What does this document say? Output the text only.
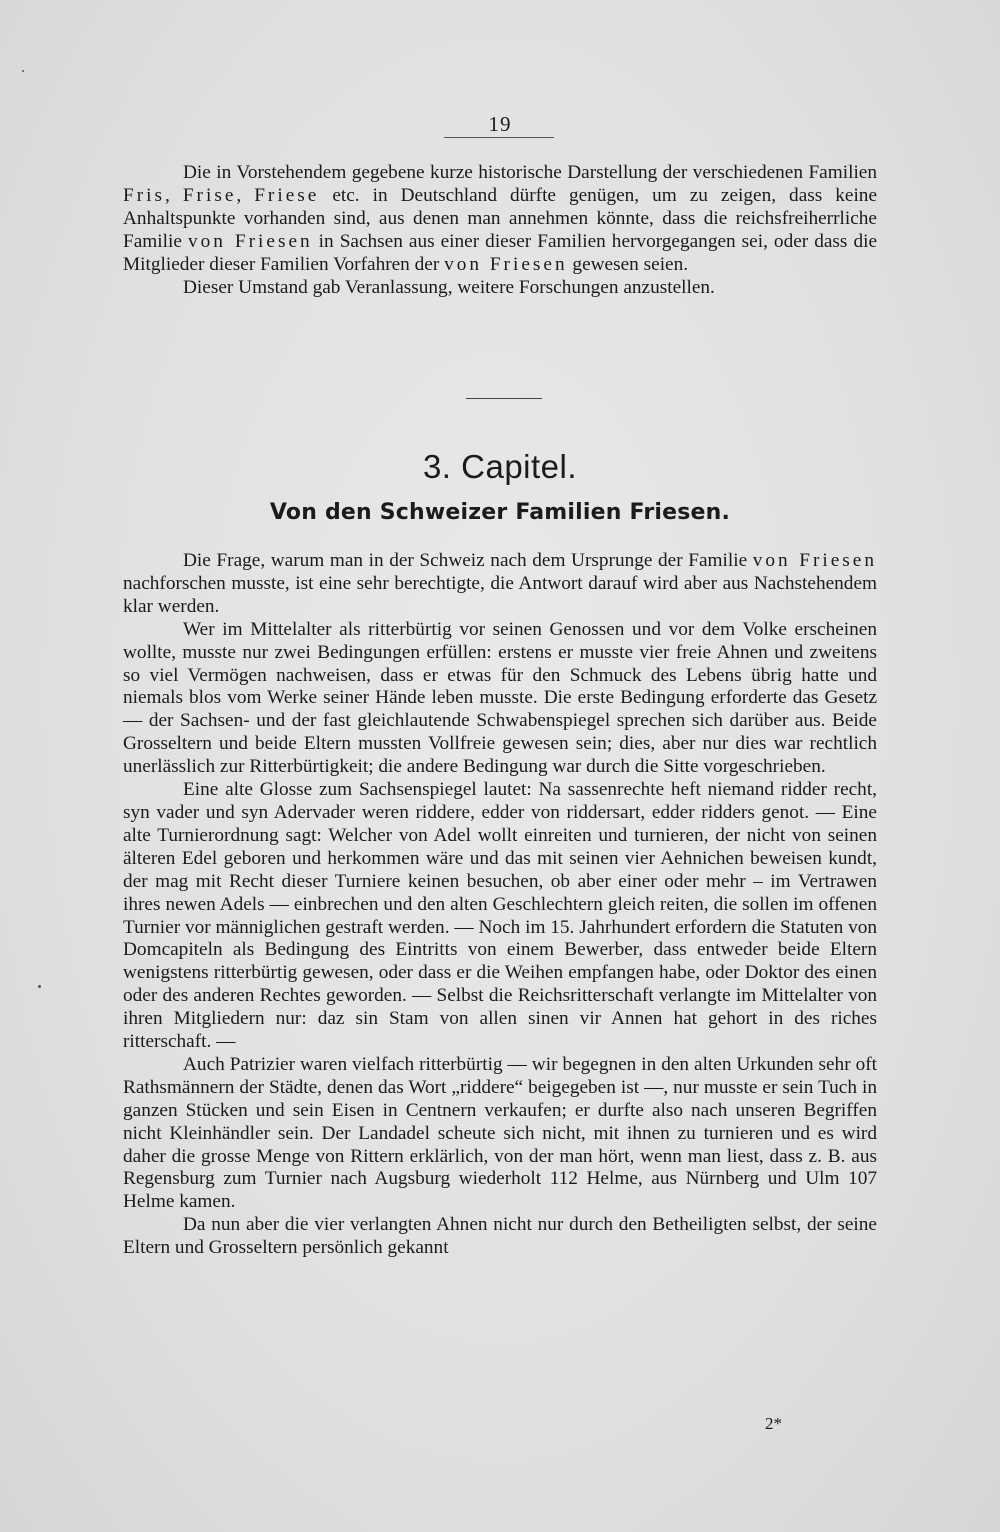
19

Die in Vorstehendem gegebene kurze historische Darstellung der verschiedenen Familien Fris, Frise, Friese etc. in Deutschland dürfte genügen, um zu zeigen, dass keine Anhaltspunkte vorhanden sind, aus denen man annehmen könnte, dass die reichsfreiherrliche Familie von Friesen in Sachsen aus einer dieser Familien hervorgegangen sei, oder dass die Mitglieder dieser Familien Vorfahren der von Friesen gewesen seien.

Dieser Umstand gab Veranlassung, weitere Forschungen anzustellen.

3. Capitel.
Von den Schweizer Familien Friesen.

Die Frage, warum man in der Schweiz nach dem Ursprunge der Familie von Friesen nachforschen musste, ist eine sehr berechtigte, die Antwort darauf wird aber aus Nachstehendem klar werden.

Wer im Mittelalter als ritterbürtig vor seinen Genossen und vor dem Volke erscheinen wollte, musste nur zwei Bedingungen erfüllen: erstens er musste vier freie Ahnen und zweitens so viel Vermögen nachweisen, dass er etwas für den Schmuck des Lebens übrig hatte und niemals blos vom Werke seiner Hände leben musste. Die erste Bedingung erforderte das Gesetz — der Sachsen- und der fast gleichlautende Schwabenspiegel sprechen sich darüber aus. Beide Grosseltern und beide Eltern mussten Vollfreie gewesen sein; dies, aber nur dies war rechtlich unerlässlich zur Ritterbürtigkeit; die andere Bedingung war durch die Sitte vorgeschrieben.

Eine alte Glosse zum Sachsenspiegel lautet: Na sassenrechte heft niemand ridder recht, syn vader und syn Adervader weren riddere, edder von riddersart, edder ridders genot. — Eine alte Turnierordnung sagt: Welcher von Adel wollt einreiten und turnieren, der nicht von seinen älteren Edel geboren und herkommen wäre und das mit seinen vier Aehnichen beweisen kundt, der mag mit Recht dieser Turniere keinen besuchen, ob aber einer oder mehr – im Vertrawen ihres newen Adels — einbrechen und den alten Geschlechtern gleich reiten, die sollen im offenen Turnier vor männiglichen gestraft werden. — Noch im 15. Jahrhundert erfordern die Statuten von Domcapiteln als Bedingung des Eintritts von einem Bewerber, dass entweder beide Eltern wenigstens ritterbürtig gewesen, oder dass er die Weihen empfangen habe, oder Doktor des einen oder des anderen Rechtes geworden. — Selbst die Reichsritterschaft verlangte im Mittelalter von ihren Mitgliedern nur: daz sin Stam von allen sinen vir Annen hat gehort in des riches ritterschaft. —

Auch Patrizier waren vielfach ritterbürtig — wir begegnen in den alten Urkunden sehr oft Rathsmännern der Städte, denen das Wort „riddere“ beigegeben ist —, nur musste er sein Tuch in ganzen Stücken und sein Eisen in Centnern verkaufen; er durfte also nach unseren Begriffen nicht Kleinhändler sein. Der Landadel scheute sich nicht, mit ihnen zu turnieren und es wird daher die grosse Menge von Rittern erklärlich, von der man hört, wenn man liest, dass z. B. aus Regensburg zum Turnier nach Augsburg wiederholt 112 Helme, aus Nürnberg und Ulm 107 Helme kamen.

Da nun aber die vier verlangten Ahnen nicht nur durch den Betheiligten selbst, der seine Eltern und Grosseltern persönlich gekannt

2*
